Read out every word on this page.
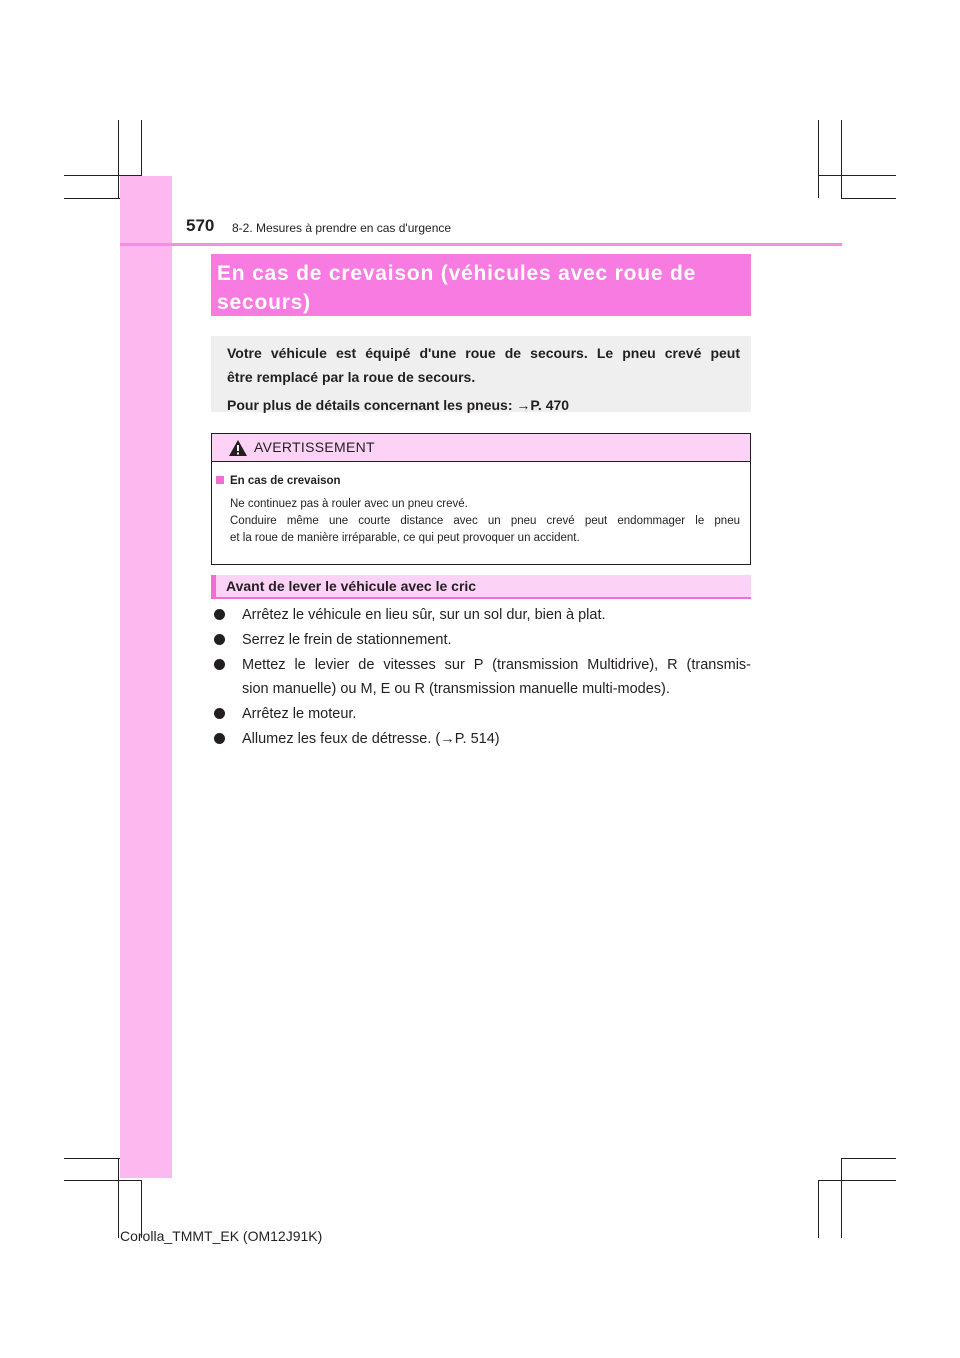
570 8-2. Mesures à prendre en cas d'urgence
En cas de crevaison (véhicules avec roue de
secours)

Votre véhicule est équipé d'une roue de secours. Le pneu crevé peut

être remplacé par la roue de secours.

Pour plus de détails concernant les pneus: →P. 470

AVERTISSEMENT
En cas de crevaison

Ne continuez pas à rouler avec un pneu crevé.

Conduire même une courte distance avec un pneu crevé peut endommager le pneu

et la roue de manière irréparable, ce qui peut provoquer un accident.

Avant de lever le véhicule avec le cric
Arrêtez le véhicule en lieu sûr, sur un sol dur, bien à plat.
Serrez le frein de stationnement.
Mettez le levier de vitesses sur P (transmission Multidrive), R (transmis-
sion manuelle) ou M, E ou R (transmission manuelle multi-modes).
Arrêtez le moteur.
Allumez les feux de détresse. (→P. 514)
Corolla_TMMT_EK (OM12J91K)
